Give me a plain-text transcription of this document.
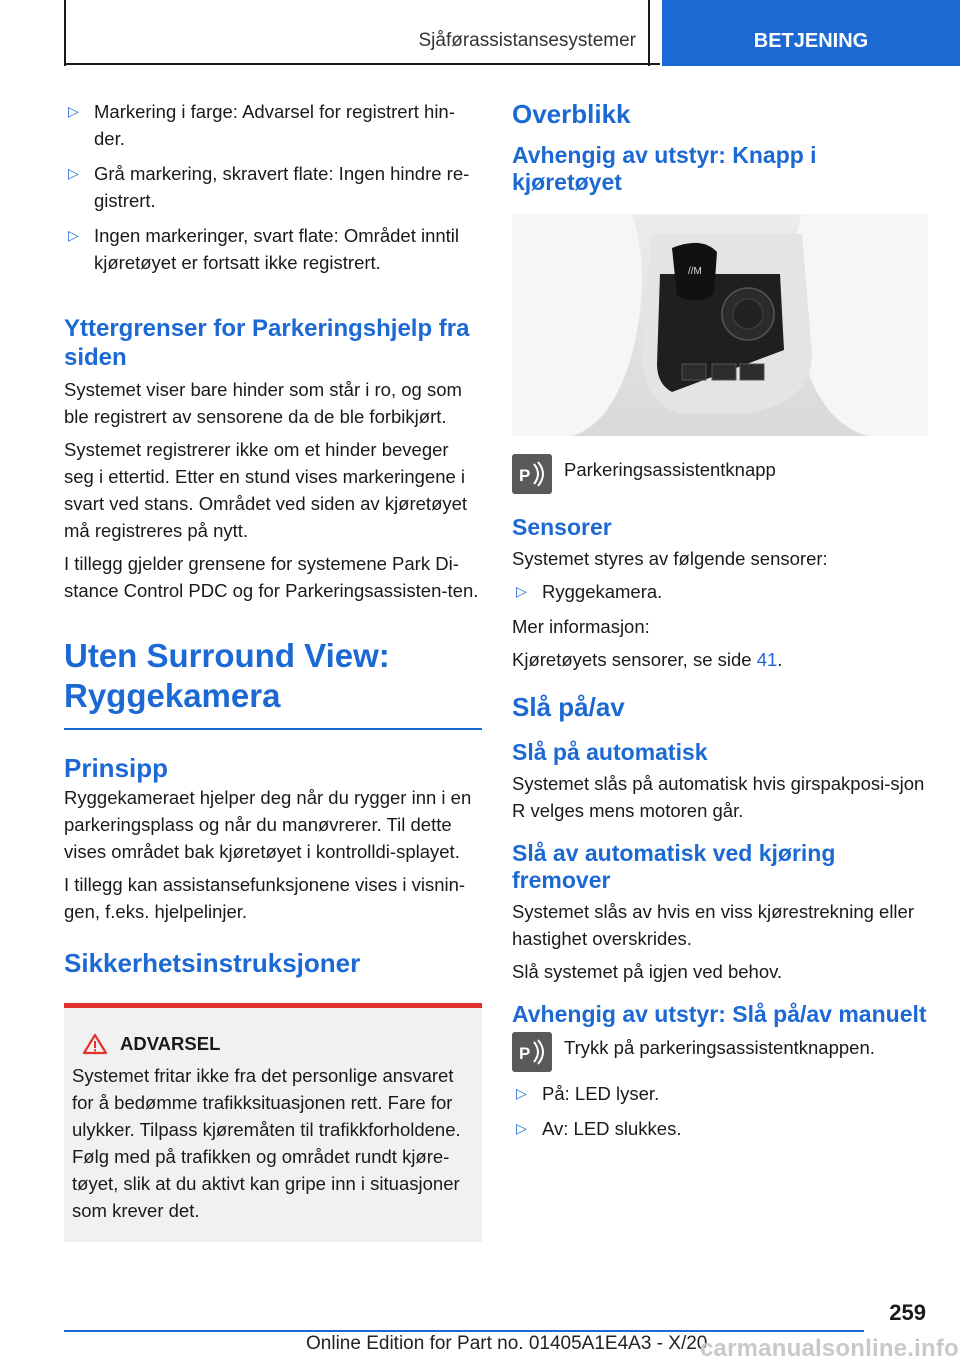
Sjåførassistansesystemer	BETJENING
▷ Markering i farge: Advarsel for registrert hin-der.
▷ Grå markering, skravert flate: Ingen hindre re-gistrert.
▷ Ingen markeringer, svart flate: Området inntil kjøretøyet er fortsatt ikke registrert.
Yttergrenser for Parkeringshjelp fra siden

Systemet viser bare hinder som står i ro, og som ble registrert av sensorene da de ble forbikjørt.

Systemet registrerer ikke om et hinder beveger seg i ettertid. Etter en stund vises markeringene i svart ved stans. Området ved siden av kjøretøyet må registreres på nytt.

I tillegg gjelder grensene for systemene Park Di-stance Control PDC og for Parkeringsassisten-ten.

Uten Surround View:
Ryggekamera
Prinsipp

Ryggekameraet hjelper deg når du rygger inn i en parkeringsplass og når du manøvrerer. Til dette vises området bak kjøretøyet i kontrolldi-splayet.

I tillegg kan assistansefunksjonene vises i visnin-gen, f.eks. hjelpelinjer.

Sikkerhetsinstruksjoner
ADVARSEL
Systemet fritar ikke fra det personlige ansvaret for å bedømme trafikksituasjonen rett. Fare for ulykker. Tilpass kjøremåten til trafikkforholdene. Følg med på trafikken og området rundt kjøre-tøyet, slik at du aktivt kan gripe inn i situasjoner som krever det.
Overblikk
Avhengig av utstyr: Knapp i kjøretøyet
//M
P Parkeringsassistentknapp
Sensorer

Systemet styres av følgende sensorer:

▷ Ryggekamera.

Mer informasjon:

Kjøretøyets sensorer, se side 41.

Slå på/av
Slå på automatisk

Systemet slås på automatisk hvis girspakposi-sjon R velges mens motoren går.

Slå av automatisk ved kjøring fremover

Systemet slås av hvis en viss kjørestrekning eller hastighet overskrides.

Slå systemet på igjen ved behov.

Avhengig av utstyr: Slå på/av manuelt
P Trykk på parkeringsassistentknappen.
▷ På: LED lyser.
▷ Av: LED slukkes.
259
Online Edition for Part no. 01405A1E4A3 - X/20
carmanualsonline.info
